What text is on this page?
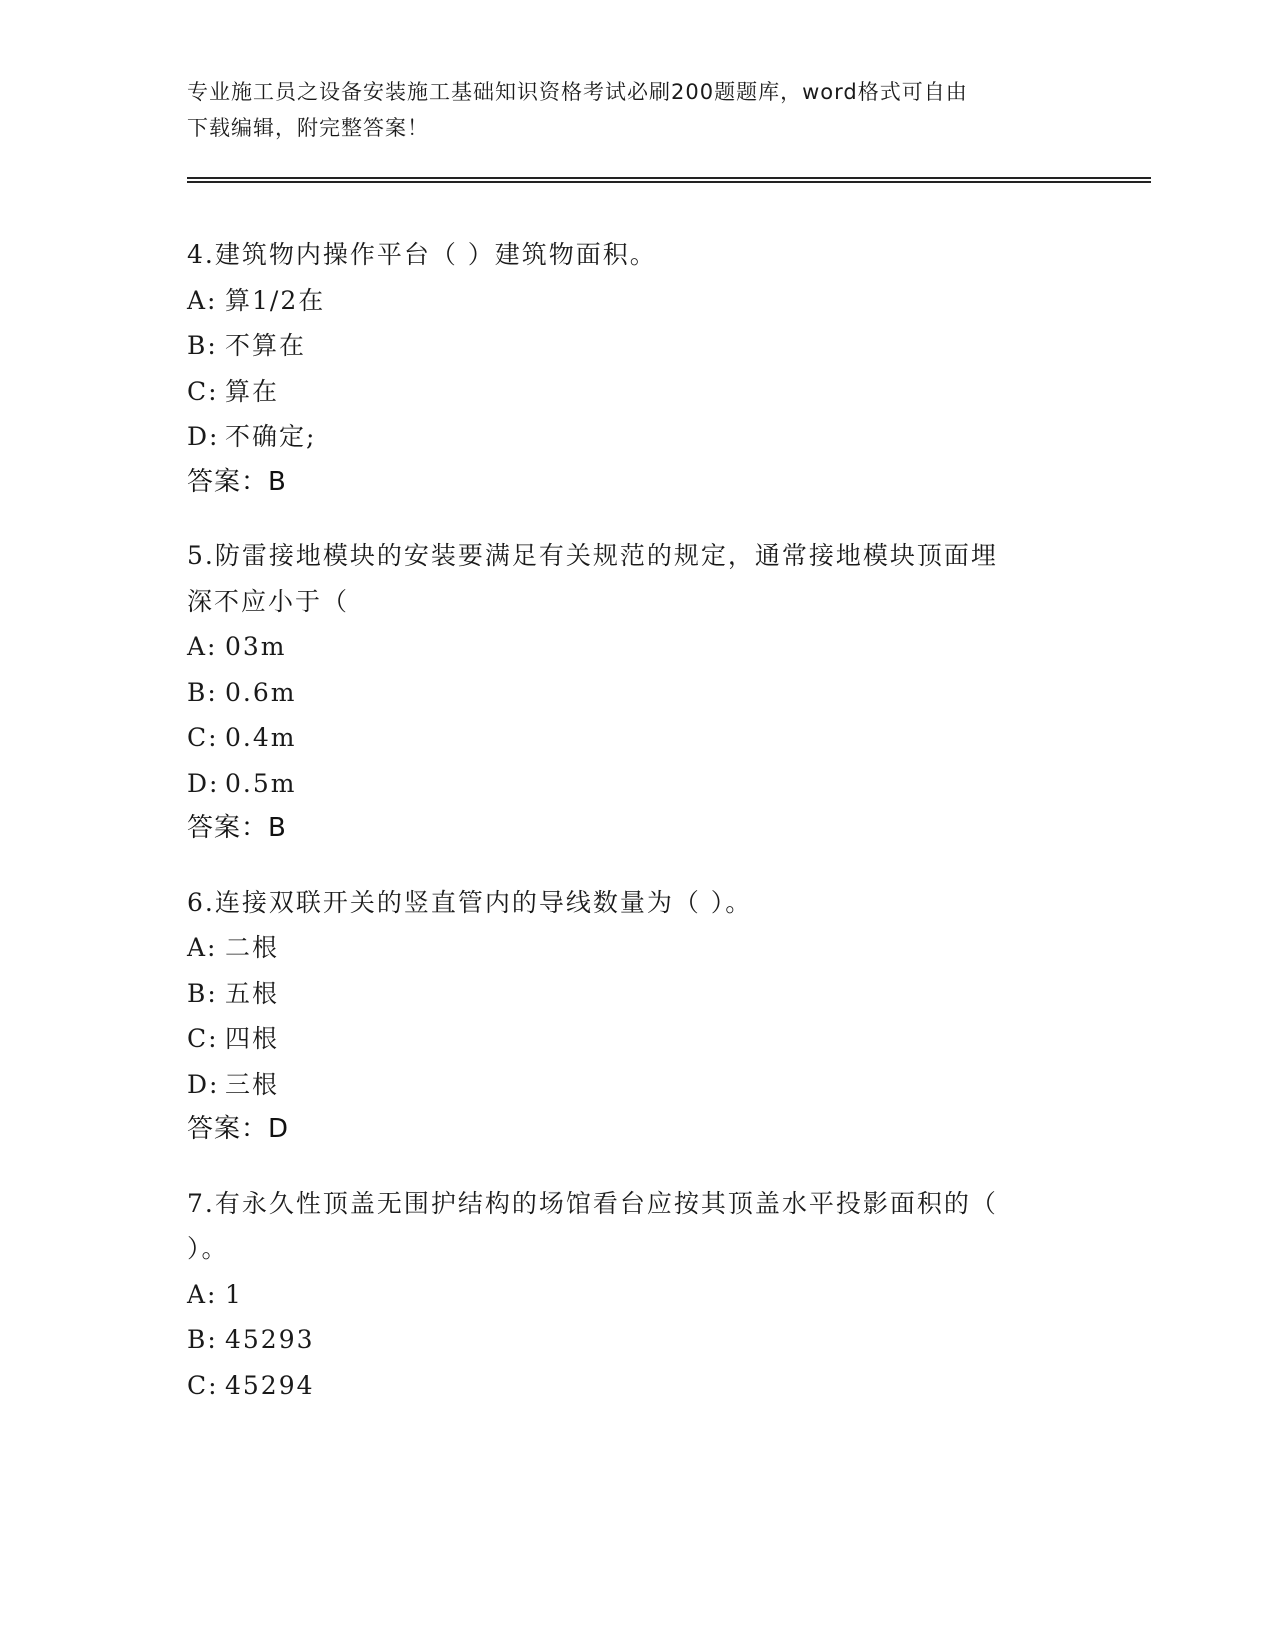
专业施工员之设备安装施工基础知识资格考试必刷200题题库，word格式可自由
下载编辑，附完整答案！
4.建筑物内操作平台（ ）建筑物面积。
A: 算1/2在
B: 不算在
C: 算在
D: 不确定;
答案：B
5.防雷接地模块的安装要满足有关规范的规定，通常接地模块顶面埋
深不应小于（
A: 03m
B: 0.6m
C: 0.4m
D: 0.5m
答案：B
6.连接双联开关的竖直管内的导线数量为（ ）。
A: 二根
B: 五根
C: 四根
D: 三根
答案：D
7.有永久性顶盖无围护结构的场馆看台应按其顶盖水平投影面积的（
）。
A: 1
B: 45293
C: 45294
